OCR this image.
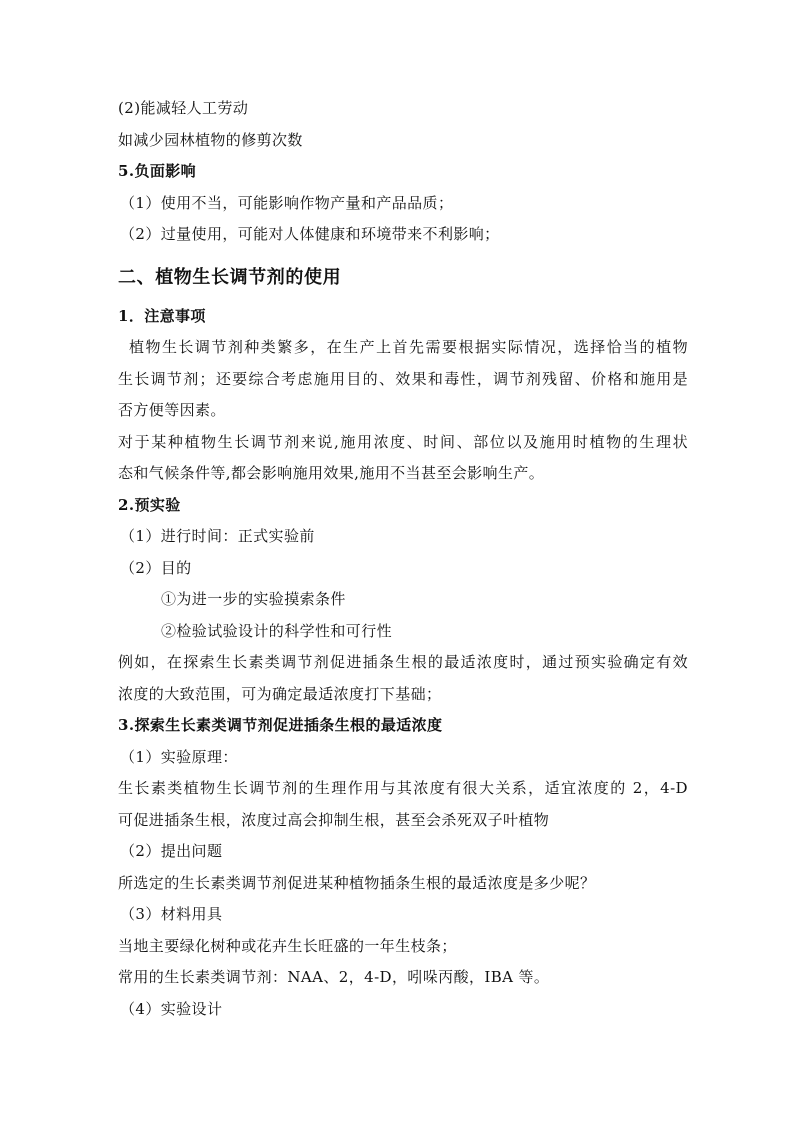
(2)能减轻人工劳动
如减少园林植物的修剪次数
5.负面影响
（1）使用不当，可能影响作物产量和产品品质；
（2）过量使用，可能对人体健康和环境带来不利影响；
二、植物生长调节剂的使用
1．注意事项
植物生长调节剂种类繁多，在生产上首先需要根据实际情况，选择恰当的植物
生长调节剂；还要综合考虑施用目的、效果和毒性，调节剂残留、价格和施用是
否方便等因素。
对于某种植物生长调节剂来说,施用浓度、时间、部位以及施用时植物的生理状
态和气候条件等,都会影响施用效果,施用不当甚至会影响生产。
2.预实验
（1）进行时间：正式实验前
（2）目的
①为进一步的实验摸索条件
②检验试验设计的科学性和可行性
例如，在探索生长素类调节剂促进插条生根的最适浓度时，通过预实验确定有效
浓度的大致范围，可为确定最适浓度打下基础；
3.探索生长素类调节剂促进插条生根的最适浓度
（1）实验原理：
生长素类植物生长调节剂的生理作用与其浓度有很大关系，适宜浓度的 2，4-D
可促进插条生根，浓度过高会抑制生根，甚至会杀死双子叶植物
（2）提出问题
所选定的生长素类调节剂促进某种植物插条生根的最适浓度是多少呢？
（3）材料用具
当地主要绿化树种或花卉生长旺盛的一年生枝条；
常用的生长素类调节剂：NAA、2，4-D，吲哚丙酸，IBA 等。
（4）实验设计
